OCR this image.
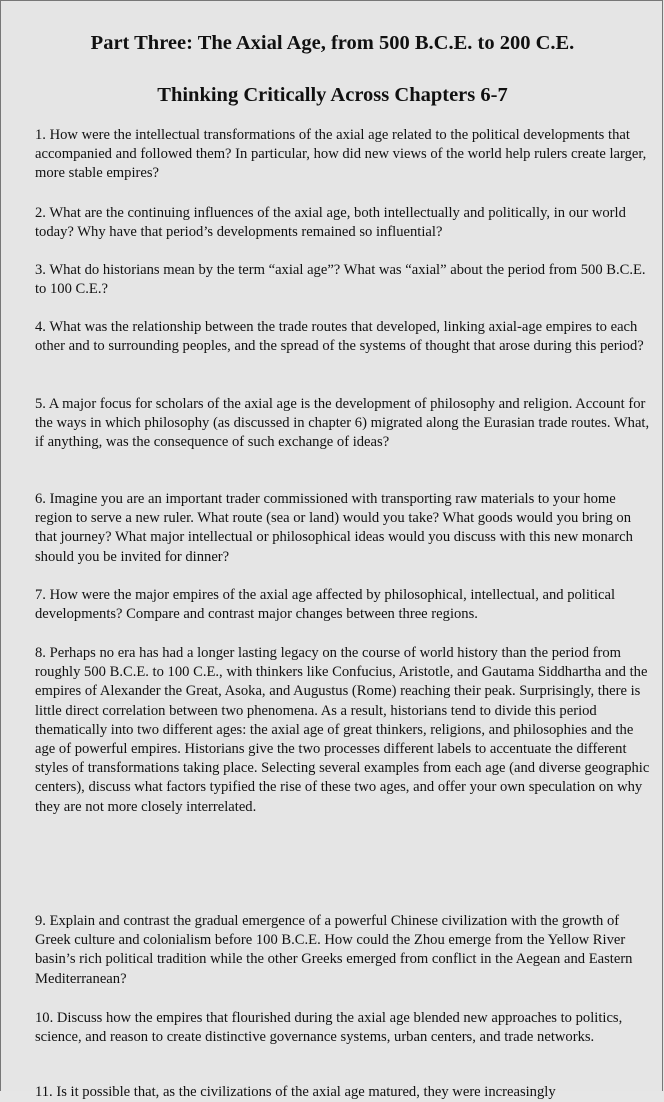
Part Three: The Axial Age, from 500 B.C.E. to 200 C.E.
Thinking Critically Across Chapters 6-7

1. How were the intellectual transformations of the axial age related to the political developments that accompanied and followed them? In particular, how did new views of the world help rulers create larger, more stable empires?

2. What are the continuing influences of the axial age, both intellectually and politically, in our world today? Why have that period’s developments remained so influential?

3. What do historians mean by the term “axial age”? What was “axial” about the period from 500 B.C.E. to 100 C.E.?

4. What was the relationship between the trade routes that developed, linking axial-age empires to each other and to surrounding peoples, and the spread of the systems of thought that arose during this period?

5. A major focus for scholars of the axial age is the development of philosophy and religion. Account for the ways in which philosophy (as discussed in chapter 6) migrated along the Eurasian trade routes. What, if anything, was the consequence of such exchange of ideas?

6. Imagine you are an important trader commissioned with transporting raw materials to your home region to serve a new ruler. What route (sea or land) would you take? What goods would you bring on that journey? What major intellectual or philosophical ideas would you discuss with this new monarch should you be invited for dinner?

7. How were the major empires of the axial age affected by philosophical, intellectual, and political developments? Compare and contrast major changes between three regions.

8. Perhaps no era has had a longer lasting legacy on the course of world history than the period from roughly 500 B.C.E. to 100 C.E., with thinkers like Confucius, Aristotle, and Gautama Siddhartha and the empires of Alexander the Great, Asoka, and Augustus (Rome) reaching their peak. Surprisingly, there is little direct correlation between two phenomena. As a result, historians tend to divide this period thematically into two different ages: the axial age of great thinkers, religions, and philosophies and the age of powerful empires. Historians give the two processes different labels to accentuate the different styles of transformations taking place. Selecting several examples from each age (and diverse geographic centers), discuss what factors typified the rise of these two ages, and offer your own speculation on why they are not more closely interrelated.

9. Explain and contrast the gradual emergence of a powerful Chinese civilization with the growth of Greek culture and colonialism before 100 B.C.E. How could the Zhou emerge from the Yellow River basin’s rich political tradition while the other Greeks emerged from conflict in the Aegean and Eastern Mediterranean?

10. Discuss how the empires that flourished during the axial age blended new approaches to politics, science, and reason to create distinctive governance systems, urban centers, and trade networks.

11. Is it possible that, as the civilizations of the axial age matured, they were increasingly
